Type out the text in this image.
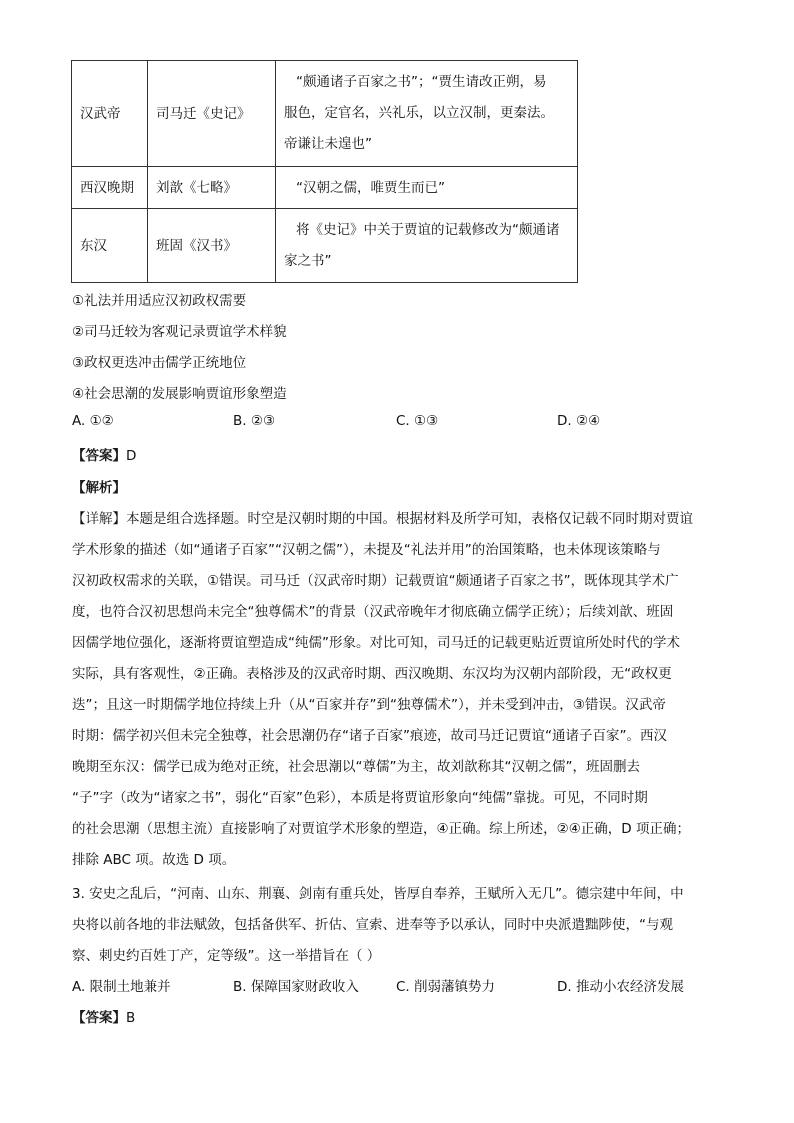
汉武帝	司马迁《史记》	“颇通诸子百家之书”；“贾生请改正朔，易
服色，定官名，兴礼乐，以立汉制，更秦法。
帝谦让未遑也”

西汉晚期	刘歆《七略》	“汉朝之儒，唯贾生而已”

东汉	班固《汉书》	将《史记》中关于贾谊的记载修改为“颇通诸
家之书”
①礼法并用适应汉初政权需要
②司马迁较为客观记录贾谊学术样貌
③政权更迭冲击儒学正统地位
④社会思潮的发展影响贾谊形象塑造
A. ①②	B. ②③	C. ①③	D. ②④
【答案】D
【解析】
【详解】本题是组合选择题。时空是汉朝时期的中国。根据材料及所学可知，表格仅记载不同时期对贾谊
学术形象的描述（如“通诸子百家”“汉朝之儒”），未提及“礼法并用”的治国策略，也未体现该策略与
汉初政权需求的关联，①错误。司马迁（汉武帝时期）记载贾谊“颇通诸子百家之书”，既体现其学术广
度，也符合汉初思想尚未完全“独尊儒术”的背景（汉武帝晚年才彻底确立儒学正统）；后续刘歆、班固
因儒学地位强化，逐渐将贾谊塑造成“纯儒”形象。对比可知，司马迁的记载更贴近贾谊所处时代的学术
实际，具有客观性，②正确。表格涉及的汉武帝时期、西汉晚期、东汉均为汉朝内部阶段，无“政权更
迭”；且这一时期儒学地位持续上升（从“百家并存”到“独尊儒术”），并未受到冲击，③错误。汉武帝
时期：儒学初兴但未完全独尊，社会思潮仍存“诸子百家”痕迹，故司马迁记贾谊“通诸子百家”。西汉
晚期至东汉：儒学已成为绝对正统，社会思潮以“尊儒”为主，故刘歆称其“汉朝之儒”，班固删去
“子”字（改为“诸家之书”，弱化“百家”色彩），本质是将贾谊形象向“纯儒”靠拢。可见，不同时期
的社会思潮（思想主流）直接影响了对贾谊学术形象的塑造，④正确。综上所述，②④正确，D 项正确；
排除 ABC 项。故选 D 项。
3. 安史之乱后，“河南、山东、荆襄、剑南有重兵处，皆厚自奉养，王赋所入无几”。德宗建中年间，中
央将以前各地的非法赋敛，包括备供军、折估、宣索、进奉等予以承认，同时中央派遣黜陟使，“与观
察、刺史约百姓丁产，定等级”。这一举措旨在（ ）
A. 限制土地兼并	B. 保障国家财政收入	C. 削弱藩镇势力	D. 推动小农经济发展
【答案】B
